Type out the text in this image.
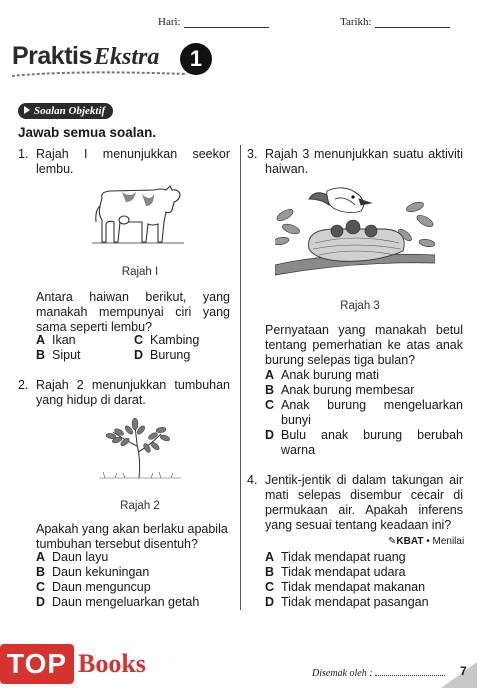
Hari:	Tarikh:
Praktis Ekstra	1
Soalan Objektif
Jawab semua soalan.
1. Rajah I menunjukkan seekor lembu.
Rajah I
Antara haiwan berikut, yang manakah mempunyai ciri yang sama seperti lembu?
A Ikan
B Siput
C Kambing
D Burung
2. Rajah 2 menunjukkan tumbuhan yang hidup di darat.
Rajah 2
Apakah yang akan berlaku apabila tumbuhan tersebut disentuh?
A Daun layu
B Daun kekuningan
C Daun menguncup
D Daun mengeluarkan getah
3. Rajah 3 menunjukkan suatu aktiviti haiwan.
Rajah 3
Pernyataan yang manakah betul tentang pemerhatian ke atas anak burung selepas tiga bulan?
A Anak burung mati
B Anak burung membesar
C Anak burung mengeluarkan bunyi
D Bulu anak burung berubah warna
4. Jentik-jentik di dalam takungan air mati selepas disembur cecair di permukaan air. Apakah inferens yang sesuai tentang keadaan ini?
✎KBAT • Menilai
A Tidak mendapat ruang
B Tidak mendapat udara
C Tidak mendapat makanan
D Tidak mendapat pasangan
TOP Books	Disemak oleh :	7
